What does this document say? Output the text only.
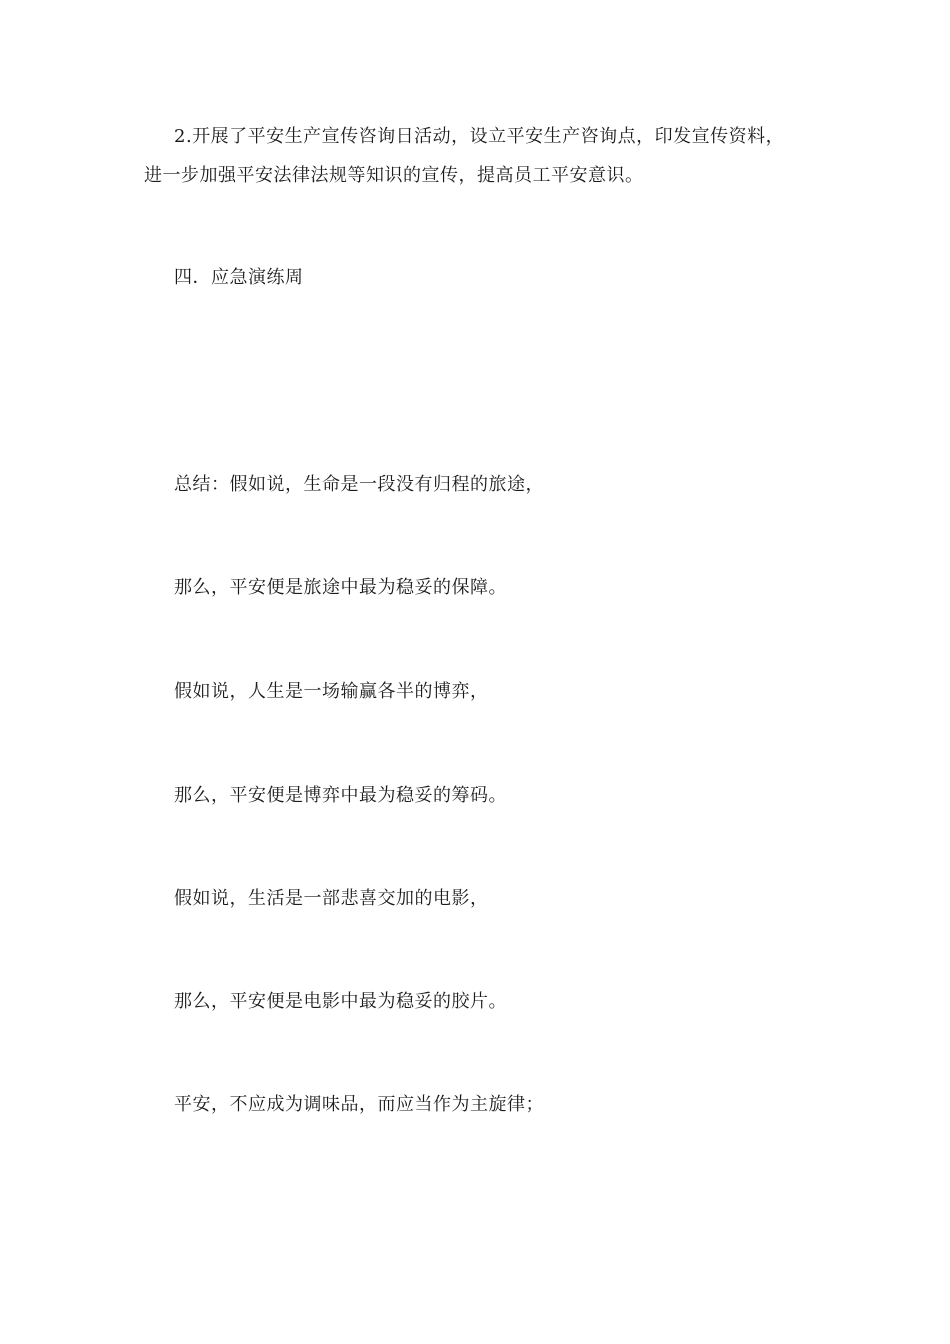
2.开展了平安生产宣传咨询日活动，设立平安生产咨询点，印发宣传资料，
进一步加强平安法律法规等知识的宣传，提高员工平安意识。
四．应急演练周
总结：假如说，生命是一段没有归程的旅途，
那么，平安便是旅途中最为稳妥的保障。
假如说，人生是一场输赢各半的博弈，
那么，平安便是博弈中最为稳妥的筹码。
假如说，生活是一部悲喜交加的电影，
那么，平安便是电影中最为稳妥的胶片。
平安，不应成为调味品，而应当作为主旋律；
